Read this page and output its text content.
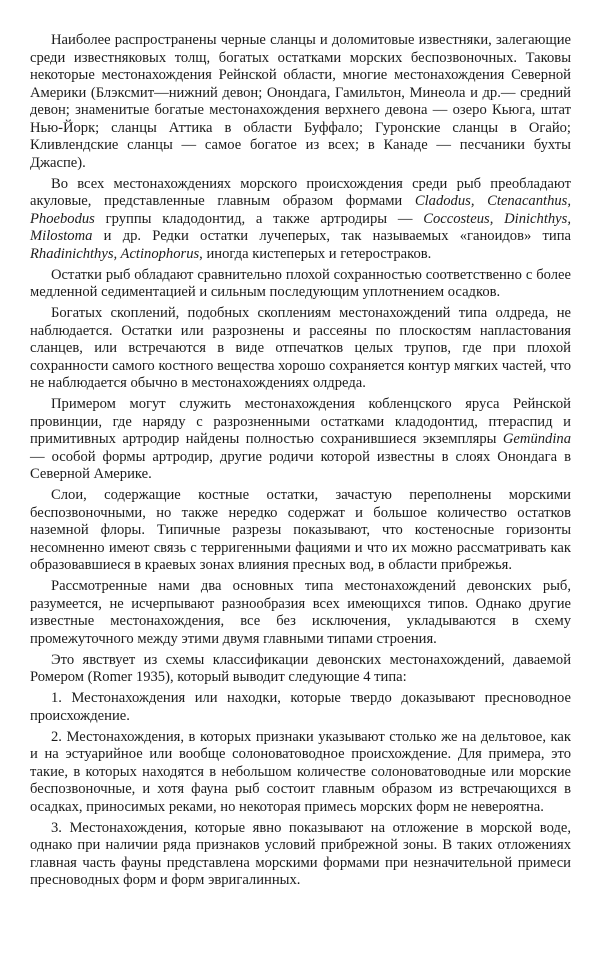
Наиболее распространены черные сланцы и доломитовые известняки, залегающие среди известняковых толщ, богатых остатками морских беспозвоночных. Таковы некоторые местонахождения Рейнской области, многие местонахождения Северной Америки (Блэксмит—нижний девон; Онондага, Гамильтон, Минеола и др.— средний девон; знаменитые богатые местонахождения верхнего девона — озеро Кьюга, штат Нью-Йорк; сланцы Аттика в области Буффало; Гуронские сланцы в Огайо; Кливлендские сланцы — самое богатое из всех; в Канаде — песчаники бухты Джаспе).

Во всех местонахождениях морского происхождения среди рыб преобладают акуловые, представленные главным образом формами Cladodus, Ctenacanthus, Phoebodus группы кладодонтид, а также артродиры — Coccosteus, Dinichthys, Milostoma и др. Редки остатки лучеперых, так называемых «ганоидов» типа Rhadinichthys, Actinophorus, иногда кистеперых и гетеростраков.

Остатки рыб обладают сравнительно плохой сохранностью соответственно с более медленной седиментацией и сильным последующим уплотнением осадков.

Богатых скоплений, подобных скоплениям местонахождений типа олдреда, не наблюдается. Остатки или разрознены и рассеяны по плоскостям напластования сланцев, или встречаются в виде отпечатков целых трупов, где при плохой сохранности самого костного вещества хорошо сохраняется контур мягких частей, что не наблюдается обычно в местонахождениях олдреда.

Примером могут служить местонахождения кобленцского яруса Рейнской провинции, где наряду с разрозненными остатками кладодонтид, птераспид и примитивных артродир найдены полностью сохранившиеся экземпляры Gemündina — особой формы артродир, другие родичи которой известны в слоях Онондага в Северной Америке.

Слои, содержащие костные остатки, зачастую переполнены морскими беспозвоночными, но также нередко содержат и большое количество остатков наземной флоры. Типичные разрезы показывают, что костеносные горизонты несомненно имеют связь с терригенными фациями и что их можно рассматривать как образовавшиеся в краевых зонах влияния пресных вод, в области прибрежья.

Рассмотренные нами два основных типа местонахождений девонских рыб, разумеется, не исчерпывают разнообразия всех имеющихся типов. Однако другие известные местонахождения, все без исключения, укладываются в схему промежуточного между этими двумя главными типами строения.

Это явствует из схемы классификации девонских местонахождений, даваемой Ромером (Romer 1935), который выводит следующие 4 типа:

1. Местонахождения или находки, которые твердо доказывают пресноводное происхождение.

2. Местонахождения, в которых признаки указывают столько же на дельтовое, как и на эстуарийное или вообще солоноватоводное происхождение. Для примера, это такие, в которых находятся в небольшом количестве солоноватоводные или морские беспозвоночные, и хотя фауна рыб состоит главным образом из встречающихся в осадках, приносимых реками, но некоторая примесь морских форм не невероятна.

3. Местонахождения, которые явно показывают на отложение в морской воде, однако при наличии ряда признаков условий прибрежной зоны. В таких отложениях главная часть фауны представлена морскими формами при незначительной примеси пресноводных форм и форм эвригалинных.
